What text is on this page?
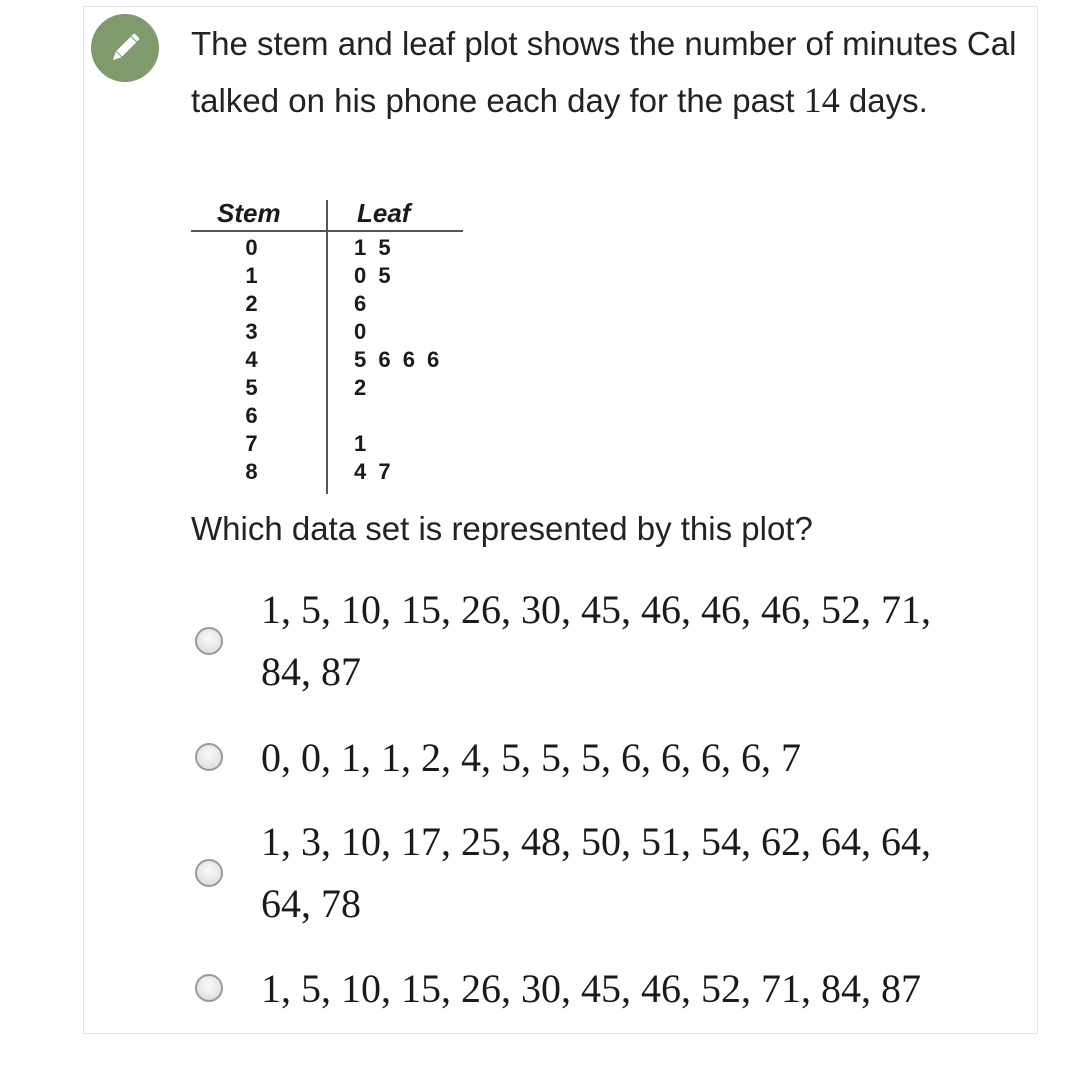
The stem and leaf plot shows the number of minutes Cal talked on his phone each day for the past 14 days.
Stem	Leaf
0
1
2
3
4
5
6
7
8
1 5
0 5
6
0
5 6 6 6
2
1
4 7
Which data set is represented by this plot?
1, 5, 10, 15, 26, 30, 45, 46, 46, 46, 52, 71,
84, 87
0, 0, 1, 1, 2, 4, 5, 5, 5, 6, 6, 6, 6, 7
1, 3, 10, 17, 25, 48, 50, 51, 54, 62, 64, 64,
64, 78
1, 5, 10, 15, 26, 30, 45, 46, 52, 71, 84, 87
